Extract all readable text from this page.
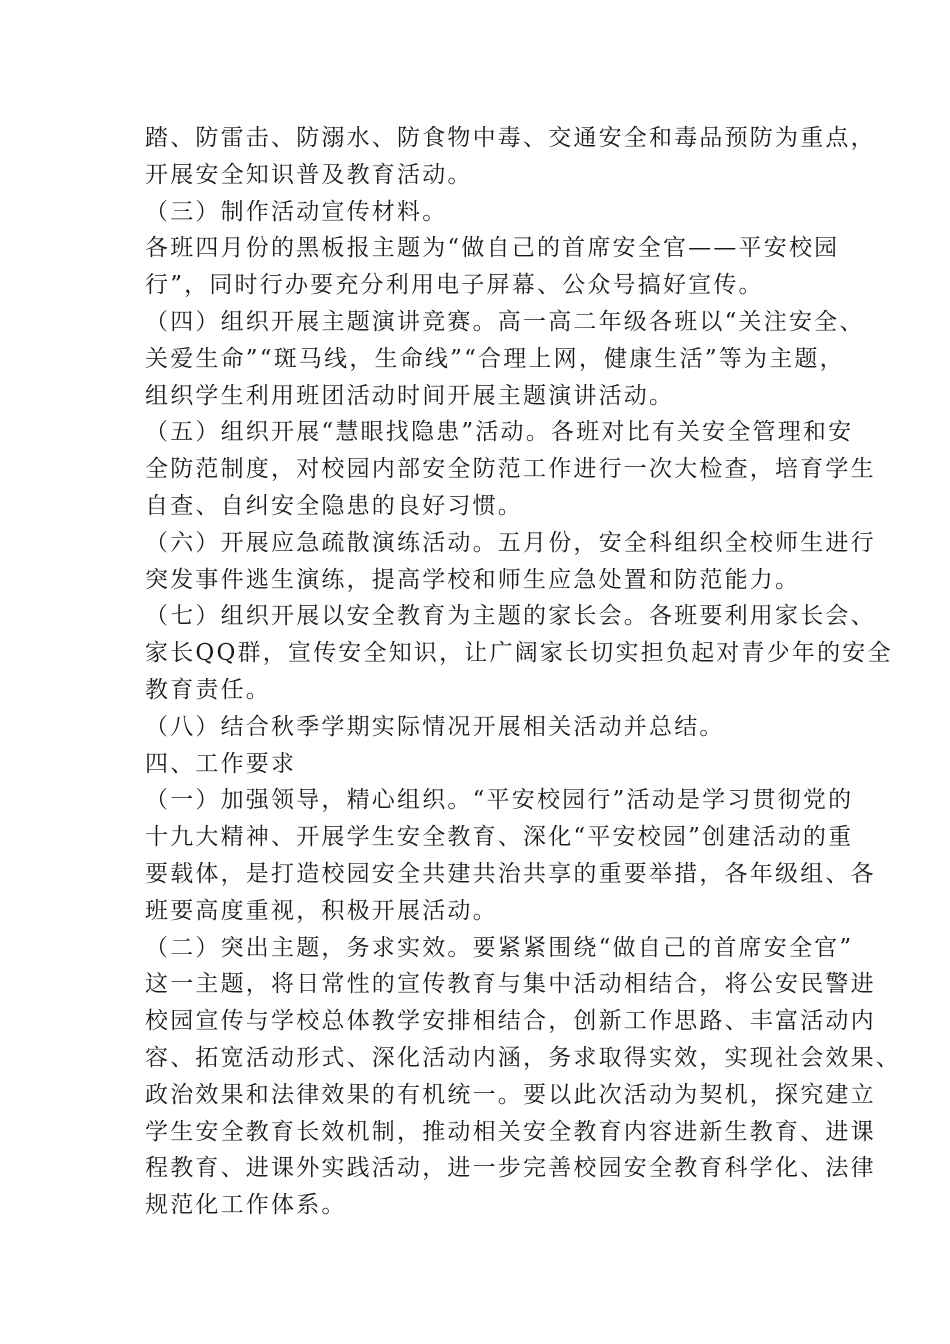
踏、防雷击、防溺水、防食物中毒、交通安全和毒品预防为重点，
开展安全知识普及教育活动。
（三）制作活动宣传材料。
各班四月份的黑板报主题为“做自己的首席安全官——平安校园
行”，同时行办要充分利用电子屏幕、公众号搞好宣传。
（四）组织开展主题演讲竞赛。高一高二年级各班以“关注安全、
关爱生命”“斑马线，生命线”“合理上网，健康生活”等为主题，
组织学生利用班团活动时间开展主题演讲活动。
（五）组织开展“慧眼找隐患”活动。各班对比有关安全管理和安
全防范制度，对校园内部安全防范工作进行一次大检查，培育学生
自查、自纠安全隐患的良好习惯。
（六）开展应急疏散演练活动。五月份，安全科组织全校师生进行
突发事件逃生演练，提高学校和师生应急处置和防范能力。
（七）组织开展以安全教育为主题的家长会。各班要利用家长会、
家长QQ群，宣传安全知识，让广阔家长切实担负起对青少年的安全
教育责任。
（八）结合秋季学期实际情况开展相关活动并总结。
四、工作要求
（一）加强领导，精心组织。“平安校园行”活动是学习贯彻党的
十九大精神、开展学生安全教育、深化“平安校园”创建活动的重
要载体，是打造校园安全共建共治共享的重要举措，各年级组、各
班要高度重视，积极开展活动。
（二）突出主题，务求实效。要紧紧围绕“做自己的首席安全官”
这一主题，将日常性的宣传教育与集中活动相结合，将公安民警进
校园宣传与学校总体教学安排相结合，创新工作思路、丰富活动内
容、拓宽活动形式、深化活动内涵，务求取得实效，实现社会效果、
政治效果和法律效果的有机统一。要以此次活动为契机，探究建立
学生安全教育长效机制，推动相关安全教育内容进新生教育、进课
程教育、进课外实践活动，进一步完善校园安全教育科学化、法律
规范化工作体系。
